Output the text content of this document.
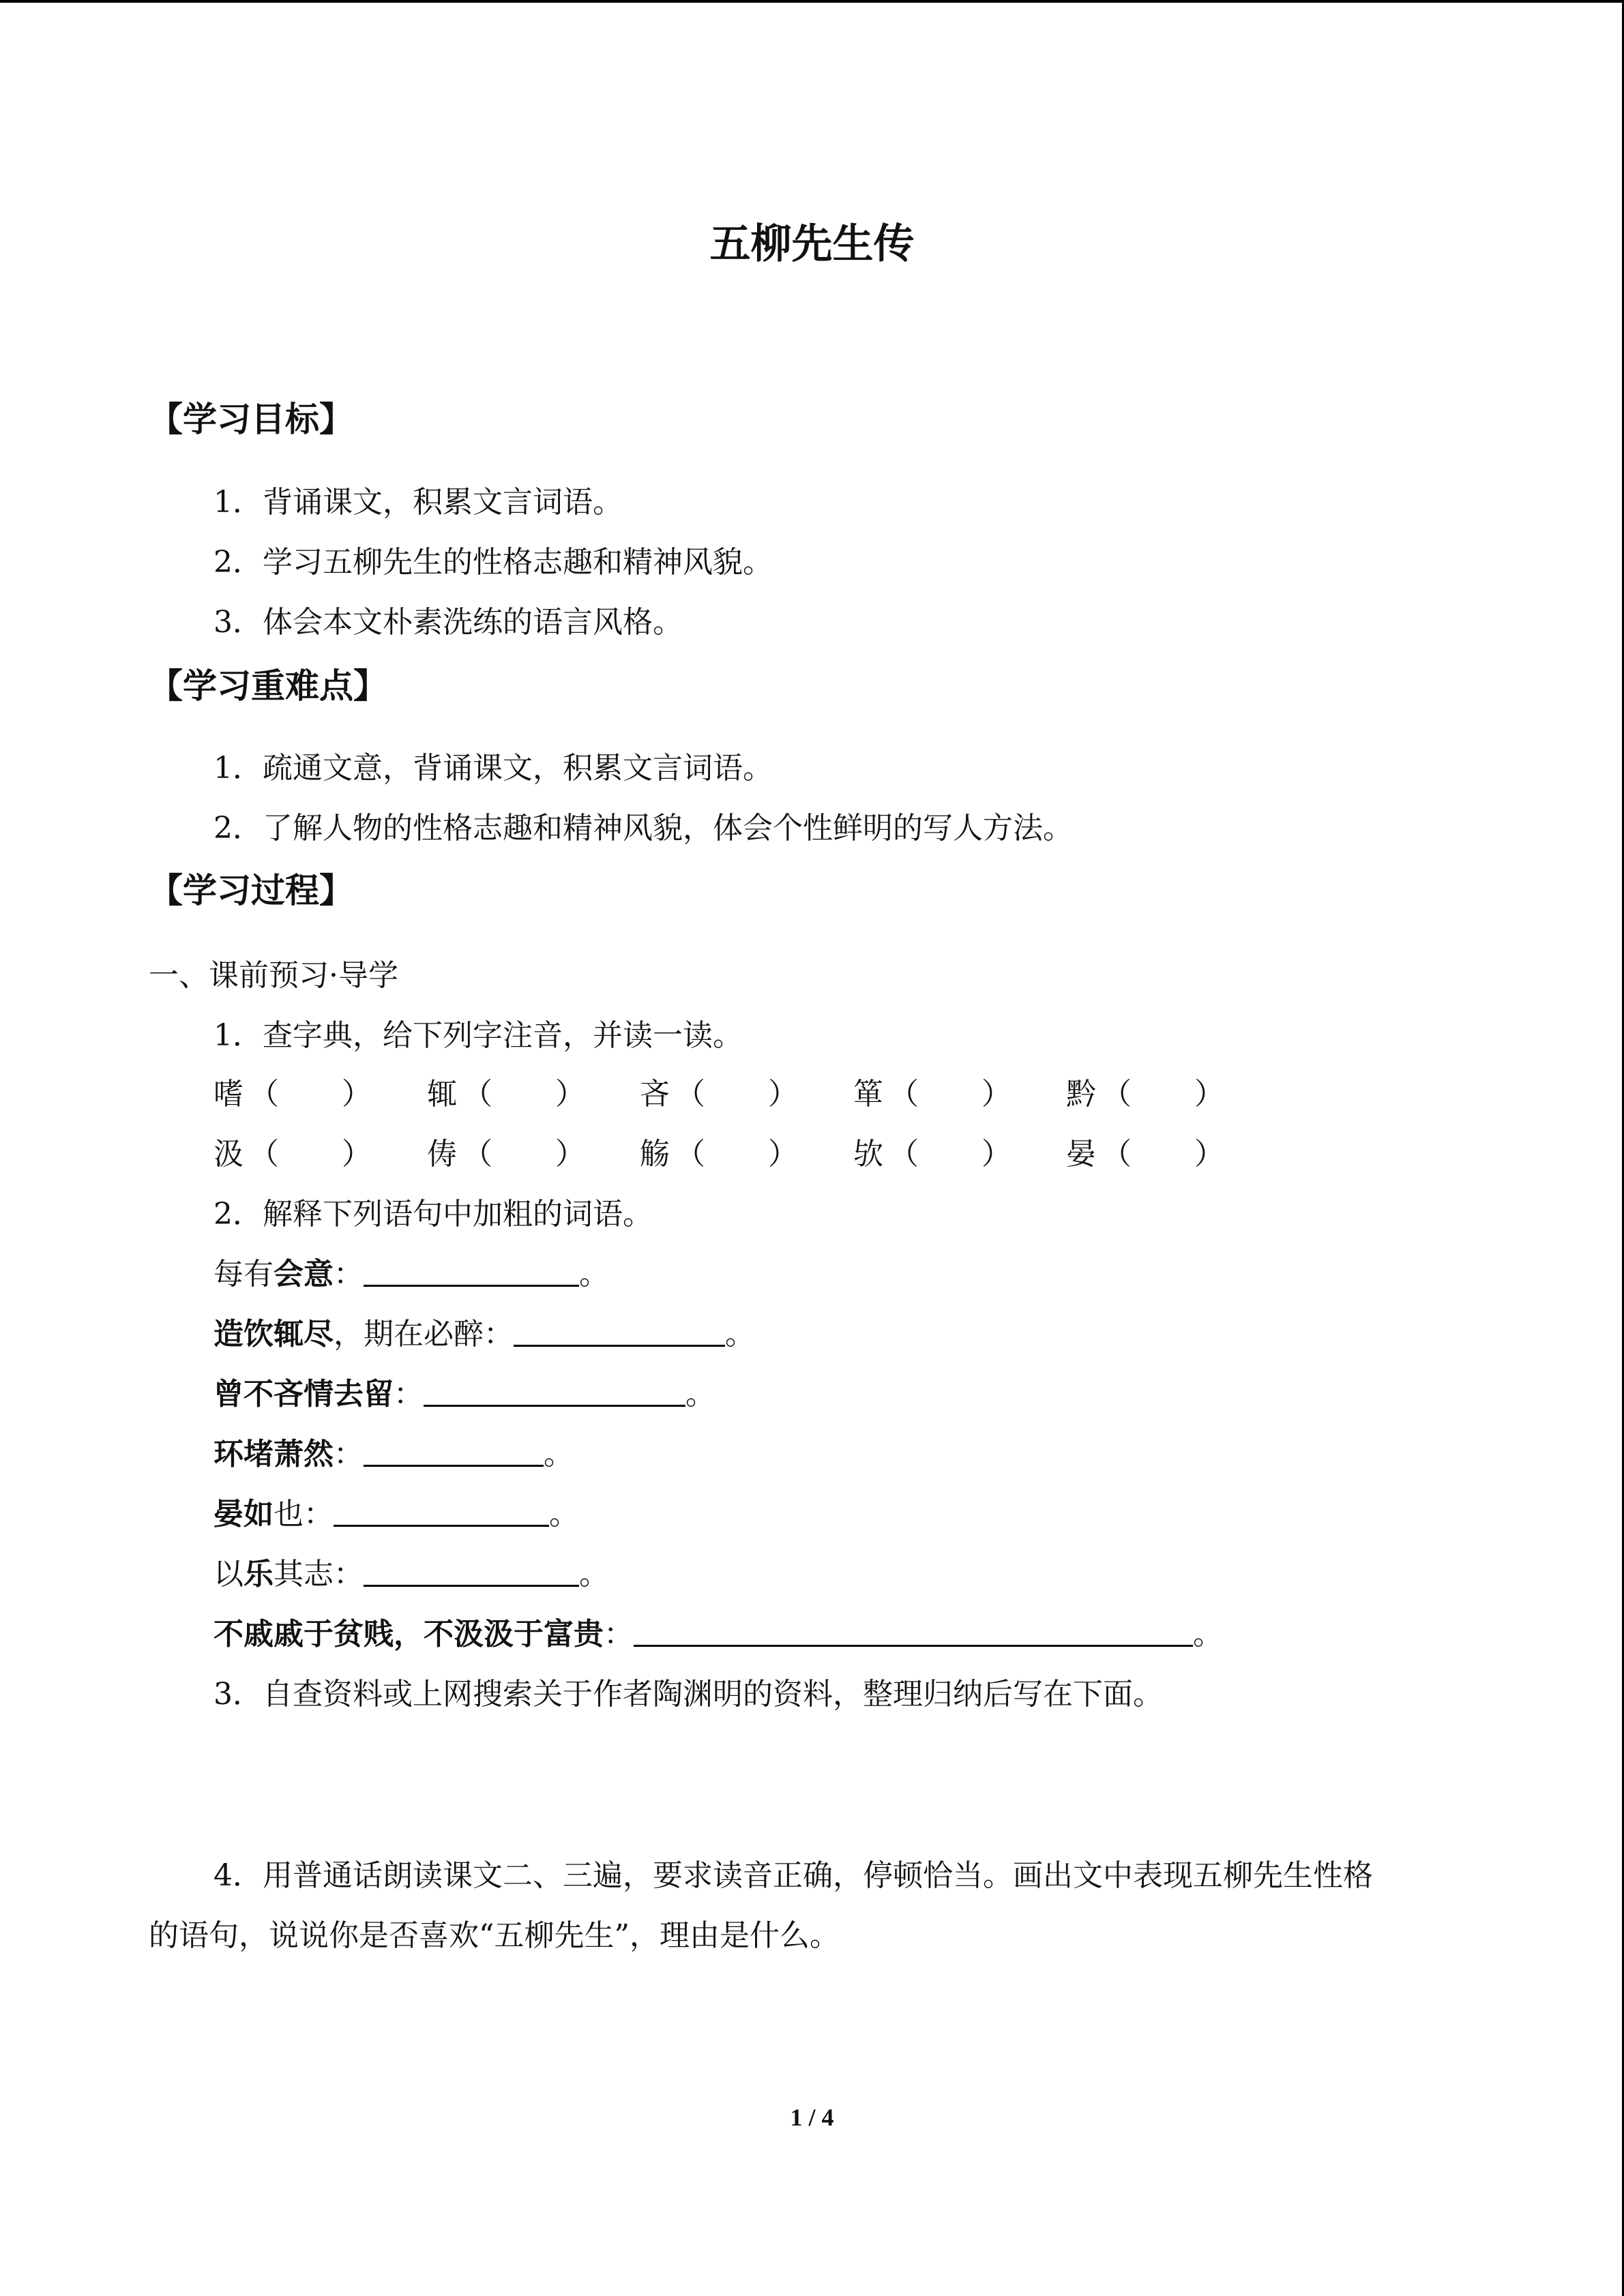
五柳先生传
【学习目标】
1．背诵课文，积累文言词语。
2．学习五柳先生的性格志趣和精神风貌。
3．体会本文朴素洗练的语言风格。
【学习重难点】
1．疏通文意，背诵课文，积累文言词语。
2．了解人物的性格志趣和精神风貌，体会个性鲜明的写人方法。
【学习过程】
一、课前预习·导学
1．查字典，给下列字注音，并读一读。
嗜 （ ） 辄 （ ） 吝 （ ） 箪 （ ） 黔 （ ）
汲 （ ） 俦 （ ） 觞 （ ） 欤 （ ） 晏 （ ）
2．解释下列语句中加粗的词语。
每有会意：	。
造饮辄尽，期在必醉：	。
曾不吝情去留：	。
环堵萧然：	。
晏如也：	。
以乐其志：	。
不戚戚于贫贱，不汲汲于富贵：	。
3．自查资料或上网搜索关于作者陶渊明的资料，整理归纳后写在下面。
4．用普通话朗读课文二、三遍，要求读音正确，停顿恰当。画出文中表现五柳先生性格
的语句，说说你是否喜欢“五柳先生”，理由是什么。
1 / 4
